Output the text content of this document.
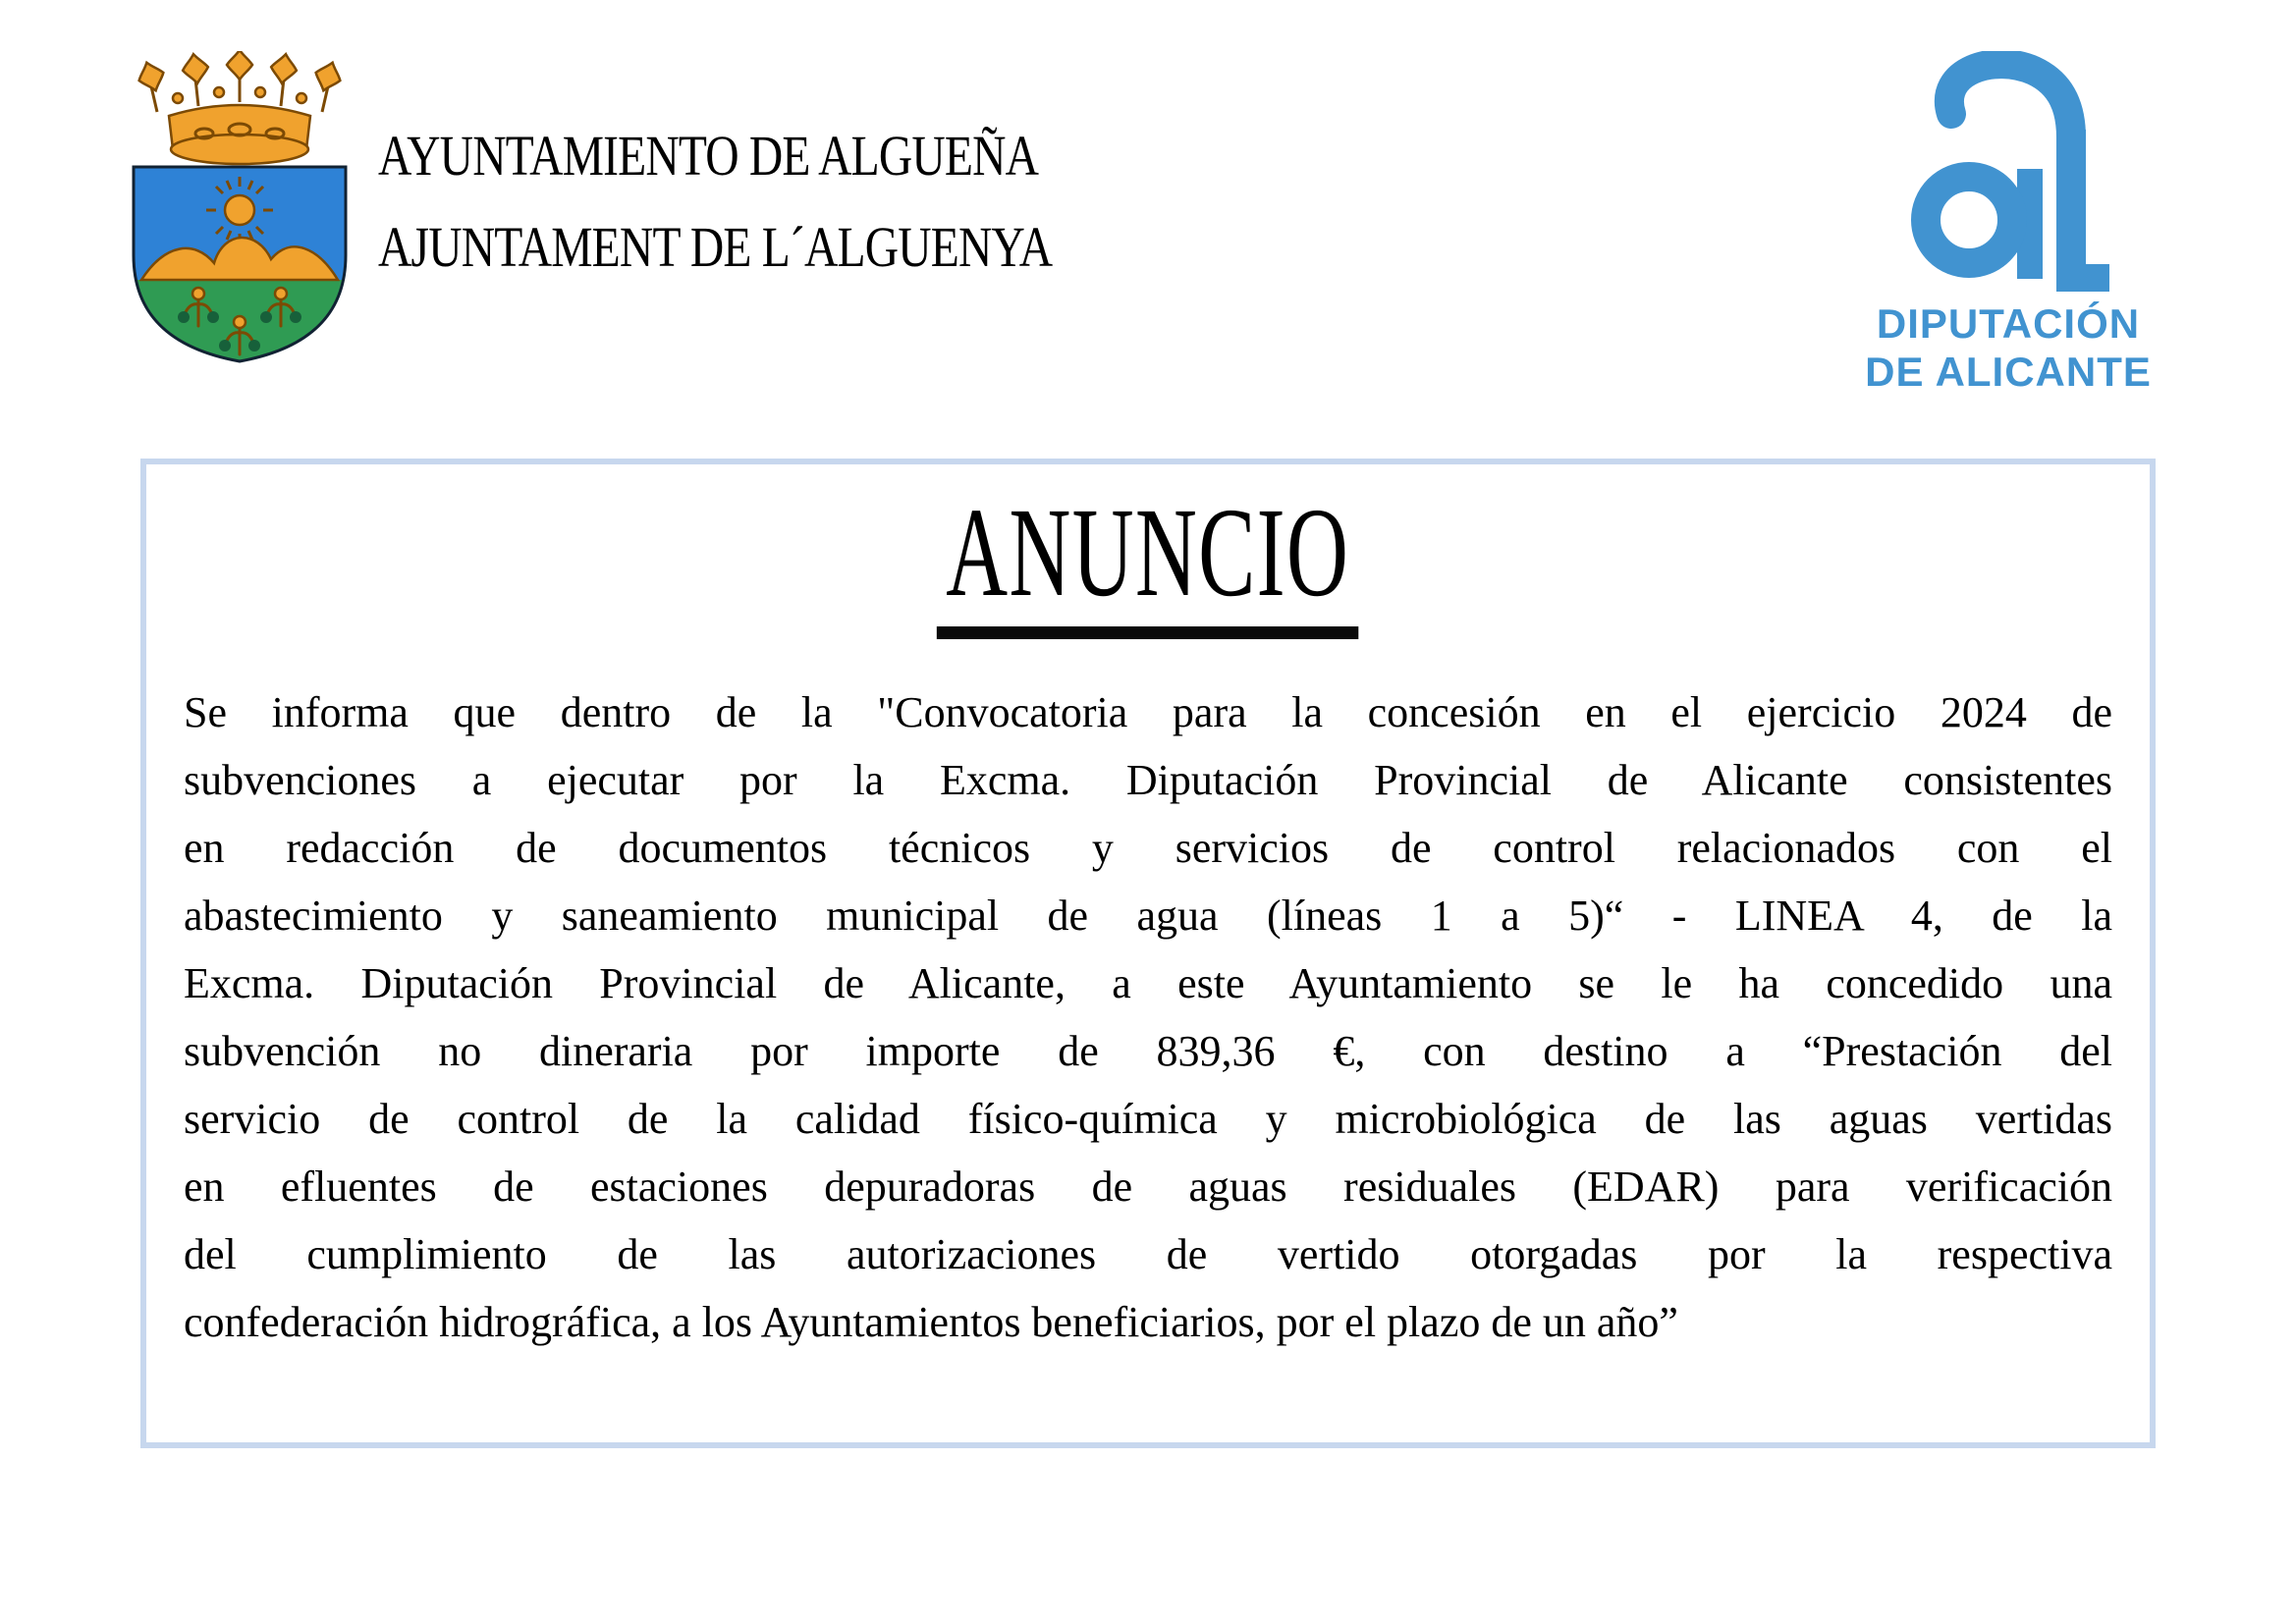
AYUNTAMIENTO DE ALGUEÑA
AJUNTAMENT DE L´ALGUENYA
DIPUTACIÓN
DE ALICANTE
ANUNCIO

Se informa que dentro de la "Convocatoria para la concesión en el ejercicio 2024 de

subvenciones a ejecutar por la Excma. Diputación Provincial de Alicante consistentes

en redacción de documentos técnicos y servicios de control relacionados con el

abastecimiento y saneamiento municipal de agua (líneas 1 a 5)“ - LINEA 4, de la

Excma. Diputación Provincial de Alicante, a este Ayuntamiento se le ha concedido una

subvención no dineraria por importe de 839,36 €, con destino a “Prestación del

servicio de control de la calidad físico-química y microbiológica de las aguas vertidas

en efluentes de estaciones depuradoras de aguas residuales (EDAR) para verificación

del cumplimiento de las autorizaciones de vertido otorgadas por la respectiva

confederación hidrográfica, a los Ayuntamientos beneficiarios, por el plazo de un año”
